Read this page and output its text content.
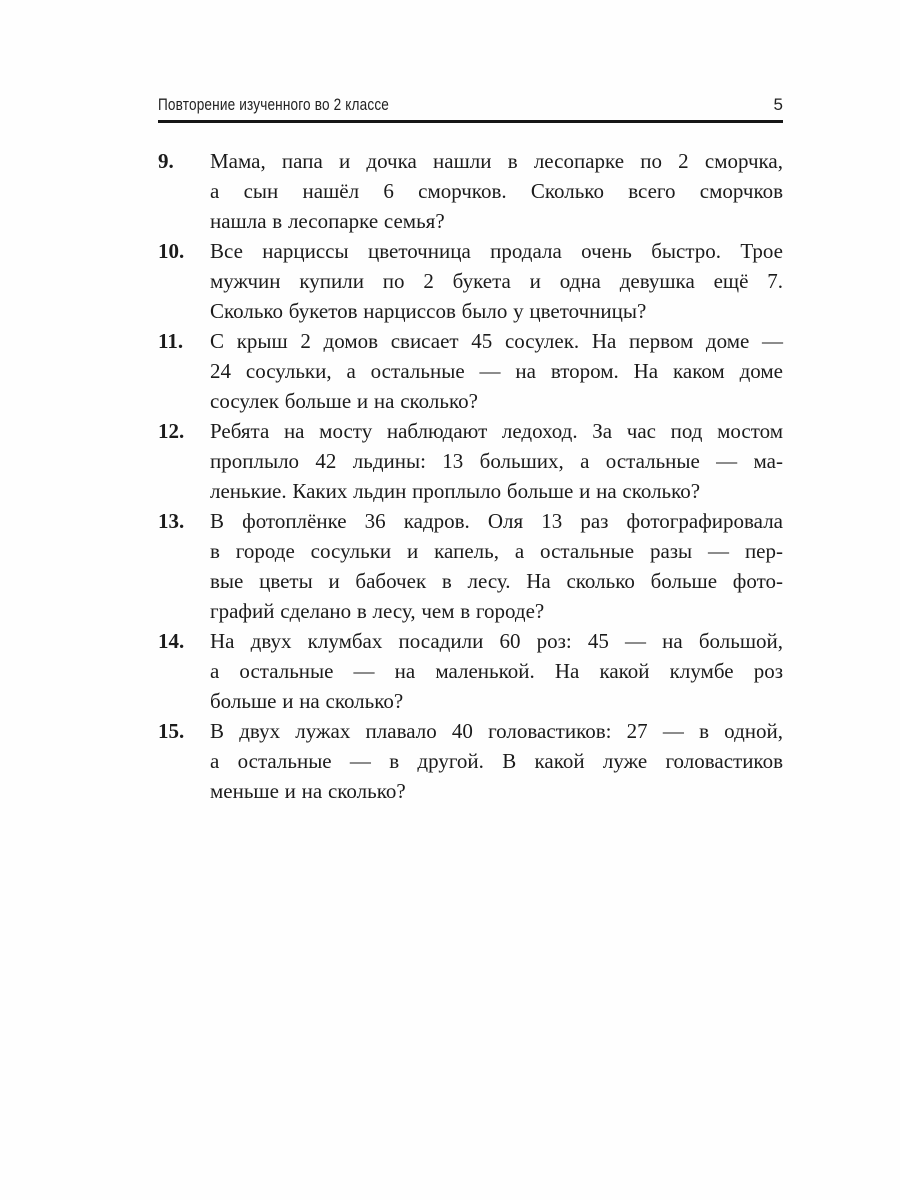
Повторение изученного во 2 классе	5
9.	Мама, папа и дочка нашли в лесопарке по 2 сморчка,
а сын нашёл 6 сморчков. Сколько всего сморчков
нашла в лесопарке семья?
10.	Все нарциссы цветочница продала очень быстро. Трое
мужчин купили по 2 букета и одна девушка ещё 7.
Сколько букетов нарциссов было у цветочницы?
11.	С крыш 2 домов свисает 45 сосулек. На первом доме —
24 сосульки, а остальные — на втором. На каком доме
сосулек больше и на сколько?
12.	Ребята на мосту наблюдают ледоход. За час под мостом
проплыло 42 льдины: 13 больших, а остальные — ма-
ленькие. Каких льдин проплыло больше и на сколько?
13.	В фотоплёнке 36 кадров. Оля 13 раз фотографировала
в городе сосульки и капель, а остальные разы — пер-
вые цветы и бабочек в лесу. На сколько больше фото-
графий сделано в лесу, чем в городе?
14.	На двух клумбах посадили 60 роз: 45 — на большой,
а остальные — на маленькой. На какой клумбе роз
больше и на сколько?
15.	В двух лужах плавало 40 головастиков: 27 — в одной,
а остальные — в другой. В какой луже головастиков
меньше и на сколько?
